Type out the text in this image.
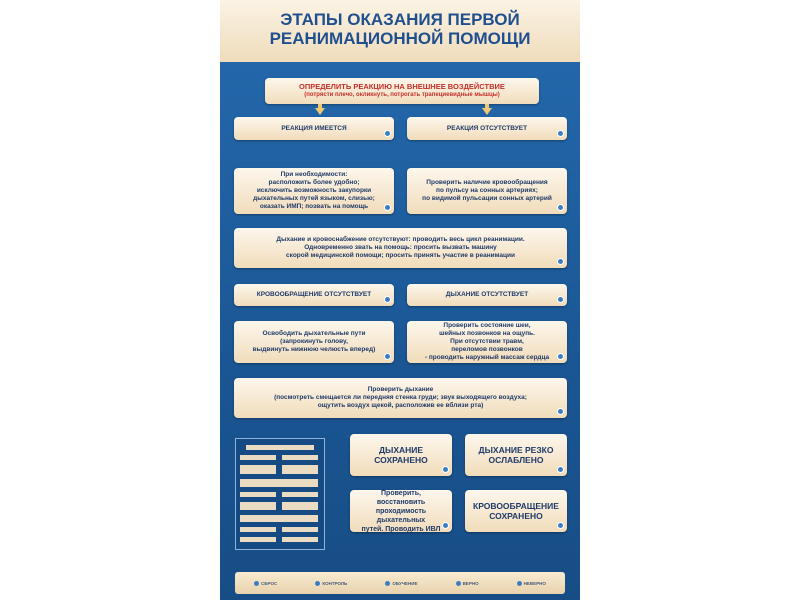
ЭТАПЫ ОКАЗАНИЯ ПЕРВОЙ
РЕАНИМАЦИОННОЙ ПОМОЩИ
ОПРЕДЕЛИТЬ РЕАКЦИЮ НА ВНЕШНЕЕ ВОЗДЕЙСТВИЕ
(потрясти плечо, окликнуть, потрогать трапециевидные мышцы)
РЕАКЦИЯ ИМЕЕТСЯ	РЕАКЦИЯ ОТСУТСТВУЕТ
При необходимости:
расположить более удобно;
исключить возможность закупорки
дыхательных путей языком, слизью;
оказать ИМП; позвать на помощь
Проверить наличие кровообращения
по пульсу на сонных артериях;
по видимой пульсации сонных артерий
Дыхание и кровоснабжение отсутствуют: проводить весь цикл реанимации.
Одновременно звать на помощь: просить вызвать машину
скорой медицинской помощи; просить принять участие в реанимации
КРОВООБРАЩЕНИЕ ОТСУТСТВУЕТ	ДЫХАНИЕ ОТСУТСТВУЕТ
Освободить дыхательные пути
(запрокинуть голову,
выдвинуть нижнюю челюсть вперед)
Проверить состояние шеи,
шейных позвонков на ощупь.
При отсутствии травм,
переломов позвонков
- проводить наружный массаж сердца
Проверить дыхание
(посмотреть смещается ли передняя стенка груди; звук выходящего воздуха;
ощутить воздух щекой, расположив ее вблизи рта)
ДЫХАНИЕ СОХРАНЕНО
ДЫХАНИЕ РЕЗКО
ОСЛАБЛЕНО
Проверить, восстановить
проходимость дыхательных
путей. Проводить ИВЛ
КРОВООБРАЩЕНИЕ
СОХРАНЕНО
СБРОС	КОНТРОЛЬ	ОБУЧЕНИЕ	ВЕРНО	НЕВЕРНО
